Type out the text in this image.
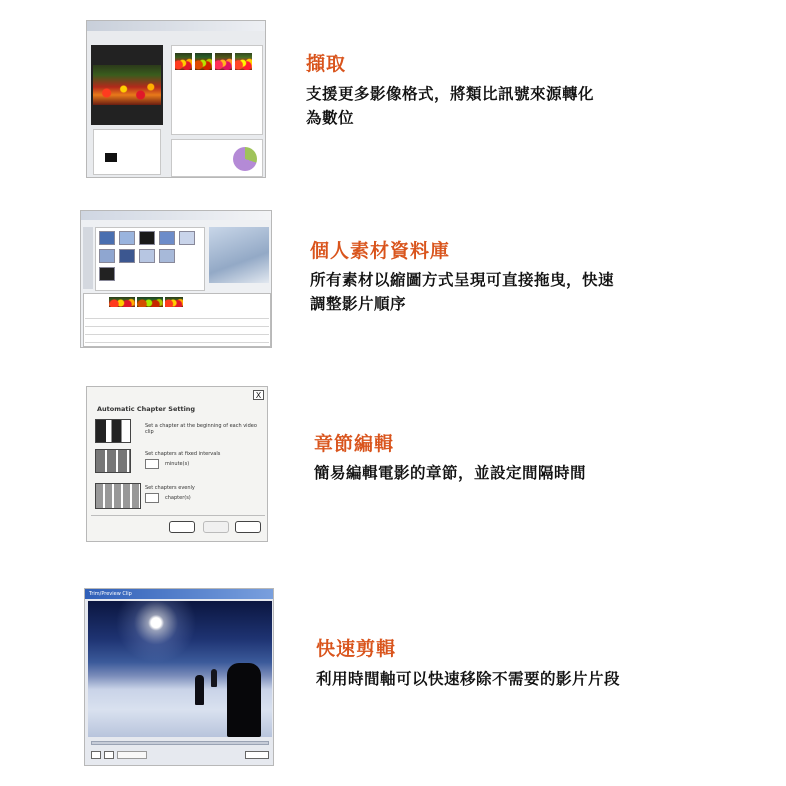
擷取
支援更多影像格式，將類比訊號來源轉化
為數位
個人素材資料庫
所有素材以縮圖方式呈現可直接拖曳，快速
調整影片順序
X
Automatic Chapter Setting
Set a chapter at the beginning of each video clip
Set chapters at fixed intervals
minute(s)
Set chapters evenly
chapter(s)
章節編輯
簡易編輯電影的章節，並設定間隔時間
Trim/Preview Clip
快速剪輯
利用時間軸可以快速移除不需要的影片片段
